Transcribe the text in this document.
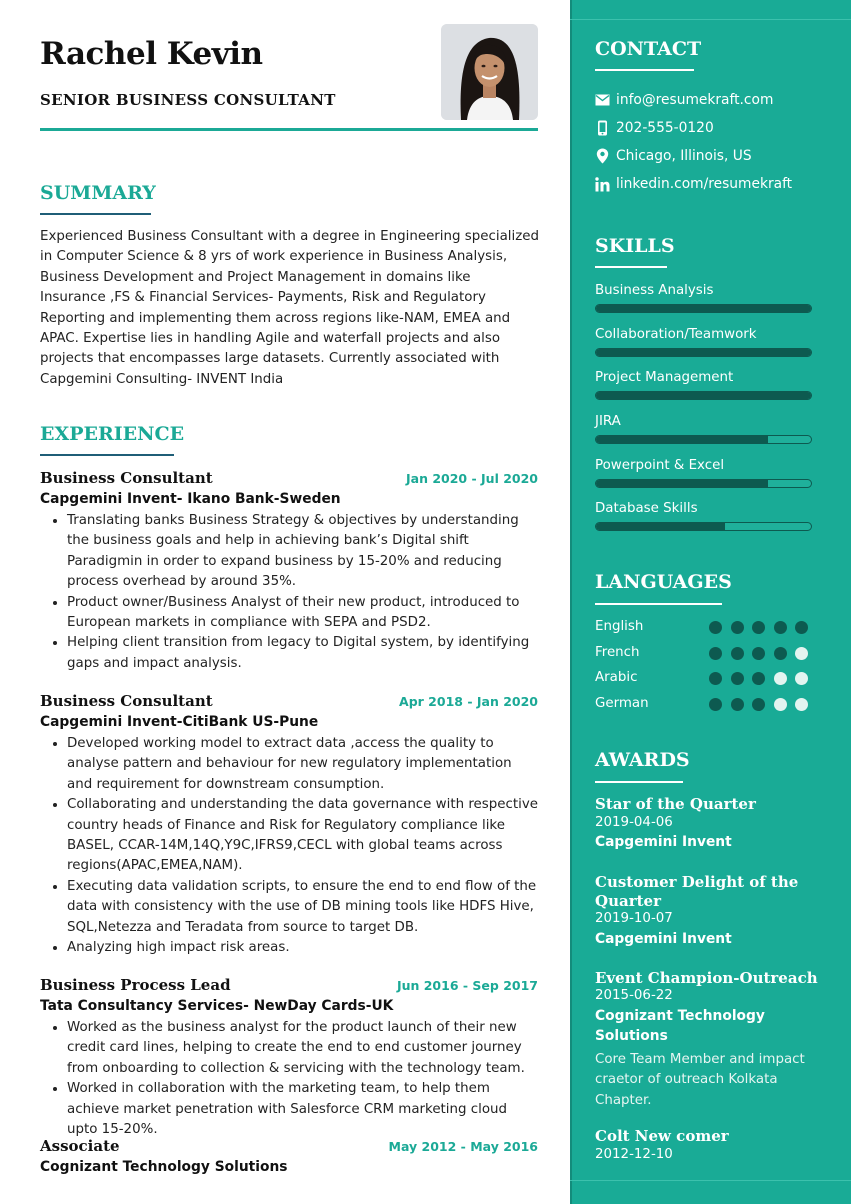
Rachel Kevin
SENIOR BUSINESS CONSULTANT
SUMMARY

Experienced Business Consultant with a degree in Engineering specialized in Computer Science & 8 yrs of work experience in Business Analysis, Business Development and Project Management in domains like Insurance ,FS & Financial Services- Payments, Risk and Regulatory Reporting and implementing them across regions like-NAM, EMEA and APAC. Expertise lies in handling Agile and waterfall projects and also projects that encompasses large datasets. Currently associated with Capgemini Consulting- INVENT India

EXPERIENCE
Business Consultant	Jan 2020 - Jul 2020
Capgemini Invent- Ikano Bank-Sweden
• Translating banks Business Strategy & objectives by understanding the business goals and help in achieving bank’s Digital shift Paradigmin in order to expand business by 15-20% and reducing process overhead by around 35%.
• Product owner/Business Analyst of their new product, introduced to European markets in compliance with SEPA and PSD2.
• Helping client transition from legacy to Digital system, by identifying gaps and impact analysis.
Business Consultant	Apr 2018 - Jan 2020
Capgemini Invent-CitiBank US-Pune
• Developed working model to extract data ,access the quality to analyse pattern and behaviour for new regulatory implementation and requirement for downstream consumption.
• Collaborating and understanding the data governance with respective country heads of Finance and Risk for Regulatory compliance like BASEL, CCAR-14M,14Q,Y9C,IFRS9,CECL with global teams across regions(APAC,EMEA,NAM).
• Executing data validation scripts, to ensure the end to end flow of the data with consistency with the use of DB mining tools like HDFS Hive, SQL,Netezza and Teradata from source to target DB.
• Analyzing high impact risk areas.
Business Process Lead	Jun 2016 - Sep 2017
Tata Consultancy Services- NewDay Cards-UK
• Worked as the business analyst for the product launch of their new credit card lines, helping to create the end to end customer journey from onboarding to collection & servicing with the technology team.
• Worked in collaboration with the marketing team, to help them achieve market penetration with Salesforce CRM marketing cloud upto 15-20%.
Associate	May 2012 - May 2016
Cognizant Technology Solutions
CONTACT
info@resumekraft.com
202-555-0120
Chicago, Illinois, US
linkedin.com/resumekraft
SKILLS
Business Analysis
Collaboration/Teamwork
Project Management
JIRA
Powerpoint & Excel
Database Skills
LANGUAGES
English
French
Arabic
German
AWARDS
Star of the Quarter
2019-04-06
Capgemini Invent
Customer Delight of the Quarter
2019-10-07
Capgemini Invent
Event Champion-Outreach
2015-06-22
Cognizant Technology Solutions
Core Team Member and impact craetor of outreach Kolkata Chapter.
Colt New comer
2012-12-10
